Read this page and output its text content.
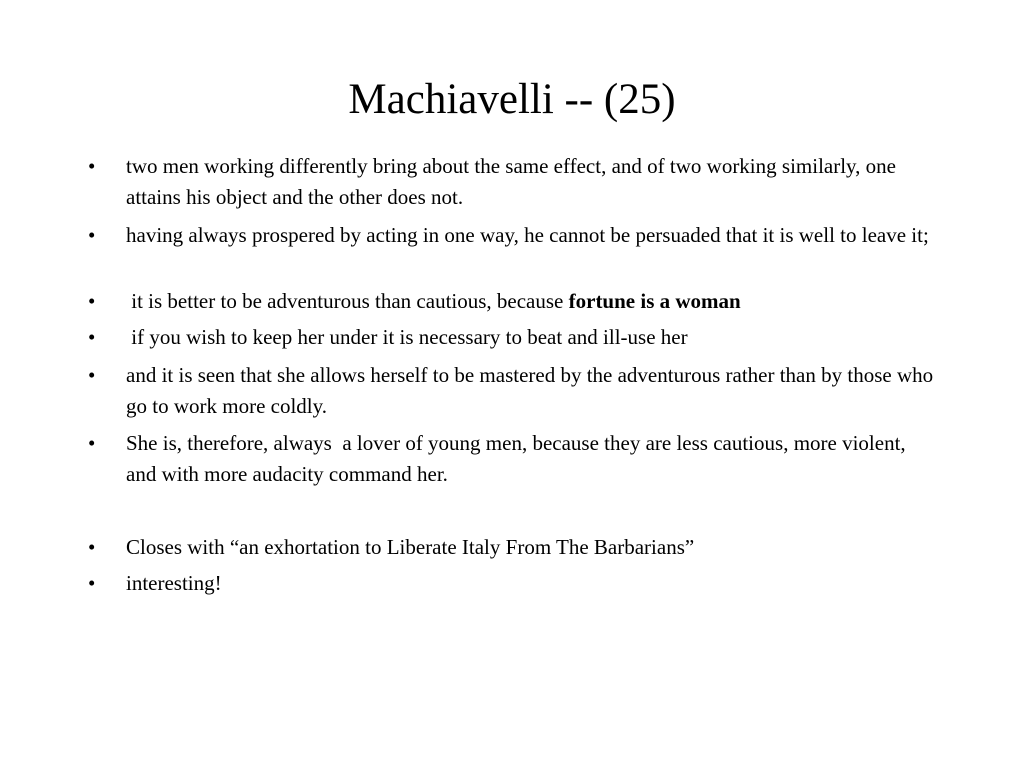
Machiavelli -- (25)
•	two men working differently bring about the same effect, and of two working similarly, one attains his object and the other does not.
•	having always prospered by acting in one way, he cannot be persuaded that it is well to leave it;
•	it is better to be adventurous than cautious, because fortune is a woman
•	if you wish to keep her under it is necessary to beat and ill-use her
•	and it is seen that she allows herself to be mastered by the adventurous rather than by those who go to work more coldly.
•	She is, therefore, always  a lover of young men, because they are less cautious, more violent, and with more audacity command her.
•	Closes with “an exhortation to Liberate Italy From The Barbarians”
•	interesting!
